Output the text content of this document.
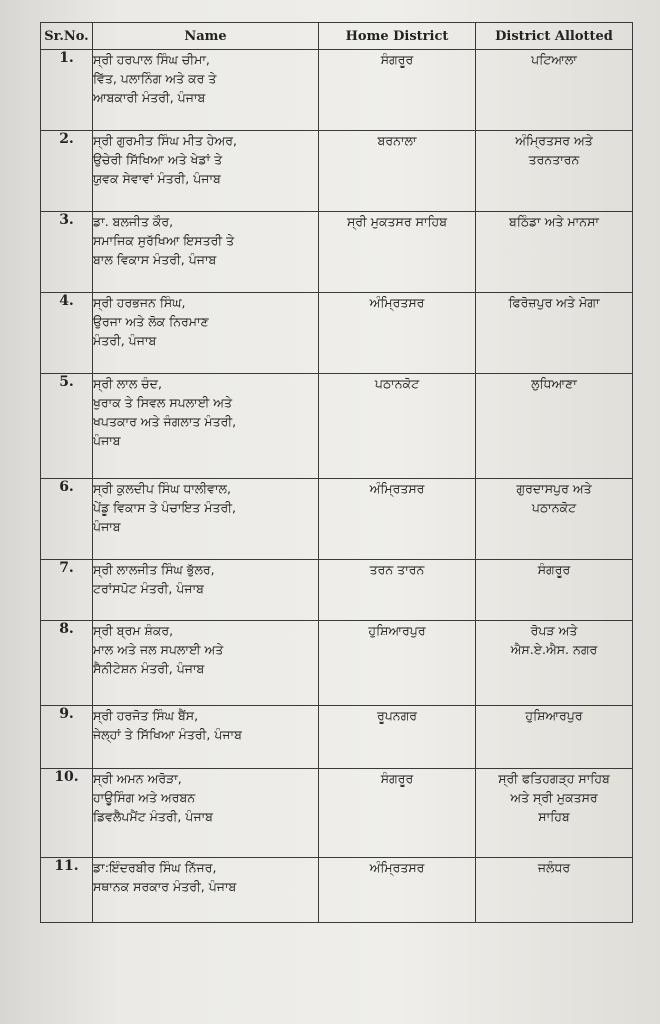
Sr.No.	Name	Home District	District Allotted
1.	ਸ੍ਰੀ ਹਰਪਾਲ ਸਿੰਘ ਚੀਮਾ,
ਵਿੱਤ, ਪਲਾਨਿੰਗ ਅਤੇ ਕਰ ਤੇ
ਆਬਕਾਰੀ ਮੰਤਰੀ, ਪੰਜਾਬ	ਸੰਗਰੂਰ	ਪਟਿਆਲਾ

2.	ਸ੍ਰੀ ਗੁਰਮੀਤ ਸਿੰਘ ਮੀਤ ਹੇਅਰ,
ਉਚੇਰੀ ਸਿੱਖਿਆ ਅਤੇ ਖੇਡਾਂ ਤੇ
ਯੁਵਕ ਸੇਵਾਵਾਂ ਮੰਤਰੀ, ਪੰਜਾਬ	ਬਰਨਾਲਾ	ਅੰਮ੍ਰਿਤਸਰ ਅਤੇ
ਤਰਨਤਾਰਨ

3.	ਡਾ. ਬਲਜੀਤ ਕੌਰ,
ਸਮਾਜਿਕ ਸੁਰੱਖਿਆ ਇਸਤਰੀ ਤੇ
ਬਾਲ ਵਿਕਾਸ ਮੰਤਰੀ, ਪੰਜਾਬ	ਸ੍ਰੀ ਮੁਕਤਸਰ ਸਾਹਿਬ	ਬਠਿੰਡਾ ਅਤੇ ਮਾਨਸਾ

4.	ਸ੍ਰੀ ਹਰਭਜਨ ਸਿੰਘ,
ਉਰਜਾ ਅਤੇ ਲੋਕ ਨਿਰਮਾਣ
ਮੰਤਰੀ, ਪੰਜਾਬ	ਅੰਮ੍ਰਿਤਸਰ	ਫਿਰੋਜ਼ਪੁਰ ਅਤੇ ਮੋਗਾ

5.	ਸ੍ਰੀ ਲਾਲ ਚੰਦ,
ਖੁਰਾਕ ਤੇ ਸਿਵਲ ਸਪਲਾਈ ਅਤੇ
ਖਪਤਕਾਰ ਅਤੇ ਜੰਗਲਾਤ ਮੰਤਰੀ,
ਪੰਜਾਬ	ਪਠਾਨਕੋਟ	ਲੁਧਿਆਣਾ

6.	ਸ੍ਰੀ ਕੁਲਦੀਪ ਸਿੰਘ ਧਾਲੀਵਾਲ,
ਪੇਂਡੂ ਵਿਕਾਸ ਤੇ ਪੰਚਾਇਤ ਮੰਤਰੀ,
ਪੰਜਾਬ	ਅੰਮ੍ਰਿਤਸਰ	ਗੁਰਦਾਸਪੁਰ ਅਤੇ
ਪਠਾਨਕੋਟ

7.	ਸ੍ਰੀ ਲਾਲਜੀਤ ਸਿੰਘ ਭੁੱਲਰ,
ਟਰਾਂਸਪੋਟ ਮੰਤਰੀ, ਪੰਜਾਬ	ਤਰਨ ਤਾਰਨ	ਸੰਗਰੂਰ

8.	ਸ੍ਰੀ ਬ੍ਰਮ ਸ਼ੰਕਰ,
ਮਾਲ ਅਤੇ ਜਲ ਸਪਲਾਈ ਅਤੇ
ਸੈਨੀਟੇਸ਼ਨ ਮੰਤਰੀ, ਪੰਜਾਬ	ਹੁਸ਼ਿਆਰਪੁਰ	ਰੋਪੜ ਅਤੇ
ਐਸ.ਏ.ਐਸ. ਨਗਰ

9.	ਸ੍ਰੀ ਹਰਜੋਤ ਸਿੰਘ ਬੈਂਸ,
ਜੇਲ੍ਹਾਂ ਤੇ ਸਿੱਖਿਆ ਮੰਤਰੀ, ਪੰਜਾਬ	ਰੂਪਨਗਰ	ਹੁਸ਼ਿਆਰਪੁਰ

10.	ਸ੍ਰੀ ਅਮਨ ਅਰੋੜਾ,
ਹਾਊਸਿੰਗ ਅਤੇ ਅਰਬਨ
ਡਿਵਲੈਪਮੈਂਟ ਮੰਤਰੀ, ਪੰਜਾਬ	ਸੰਗਰੂਰ	ਸ੍ਰੀ ਫਤਿਹਗੜ੍ਹ ਸਾਹਿਬ
ਅਤੇ ਸ੍ਰੀ ਮੁਕਤਸਰ
ਸਾਹਿਬ

11.	ਡਾ:ਇੰਦਰਬੀਰ ਸਿੰਘ ਨਿੱਜਰ,
ਸਥਾਨਕ ਸਰਕਾਰ ਮੰਤਰੀ, ਪੰਜਾਬ	ਅੰਮ੍ਰਿਤਸਰ	ਜਲੰਧਰ
